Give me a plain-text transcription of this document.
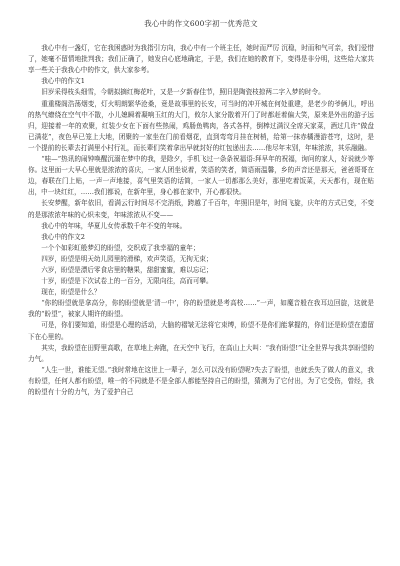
我心中的作文600字初一优秀范文

我心中有一盏灯，它在我困惑时为我指引方向，我心中有一个班主任，她时而严厉 沉稳，时而和气可亲，我们爱惜了，她毫不留情地批判我；我们正确了，她发自心底地确定，于是，我们在她的教育下，变得是非分明，这些给大家共享一些关于我我心中的作文，供大家参考。

我心中的作文1

旧岁采得枝头细雪，今朝拟摘红梅花叶，又是一夕新春佳节，照旧是陶瓷枝掠两二字入梦的时令。

重重楼阁浩荡烟变，灯火明朗繁华沧桑，竟是故事里的长安，可当时的冲开城在何处重建，是老少的爷俩儿，呼出的热气缭绕在空气中不散，小儿媳瞬着凝响玉红的大门，攸尔人家分散着开门了时都赶着偏大笑，原来是外出的游子远归，迎接着一年的欢聚，红装少女在下面有些热闹，鸡肠鱼鸭肉，各式各样，倒棒过满汉全席天家菜，酒过几许“做盘已满花”，夜色早已笼上大地，团聚的一家坐在门前看烟花，直到弯弯月挂在树梢，给第一抹赤橘漫游苍穹，这时，是一个提前的长辈去打满里小村行礼，而长辈们笑着拿出早就封好的红包递出去……他尽年末别，年味浓浓，其乐融融。

“哇—”热讯的闹钟唤醒沉溺在梦中的我，是除夕，手机飞过一条条祝福语:拜早年的祝福，询问的家人，好说就少等你。这里面一大早心里就是浓浓的喜庆，一家人团坐说着，笑语的笑者，简语雨温馨，乡的声音还是那天，爸爸哥哥在边，春联在门上贴，一声一声地接，喜气里笑语的话简，一家人一切都那么美好，那里吃着饭菜，天天都有，现在贴出，中一块红红，……我们都说，在新年里，身心都在家中，开心都很快。

长安梦醒，新年依旧，看满云行时间尽不完消纸，跨越了千百年，年照旧是年，时间飞旋，庆年的方式已变，不变的是那浓浓年味的心炽未变，年味浓浓从不变——

我心中的年味，华夏儿女传承数千年不变的年味。

我心中的作文2

一个个如彩虹般梦幻的盼望，交织成了我幸福的童年；

四岁，盼望是明天幼儿园里的滑梯，欢声笑语，无拘无束；

六岁，盼望是漂后零食店里的糖果，甜甜蜜蜜，难以忘记；

十岁，盼望是下次试卷上的一百分，无限向往，高而可攀。

现在，盼望是什么？

“你的盼望就是拿高分，你的盼望就是‘清一中’，你的盼望就是考高校……”一声，如魔音般在我耳边回旋，这就是我的“盼望”，被家人期许的盼望。

可是，你们要知道，盼望是心理的活动，大脑的褶皱无法将它束缚，盼望不是你们能掌握的，你们还是盼望在遗留下在心里的。

其实，我盼望在田野里高歌，在草地上奔跑，在天空中飞行，在高山上大叫：“我有盼望!”让全世界与我共享盼望的力气。

“人生一世，谁能无望。”我时常地在这世上一辈子，怎么可以没有盼望呢?失去了盼望，也就丢失了做人的意义，我有盼望，任何人都有盼望，唯一的不同就是不是全部人都能坚持自己的盼望，猜测为了它付出，为了它受伤，曾经，我的盼望有十分的力气，为了爱护自己
